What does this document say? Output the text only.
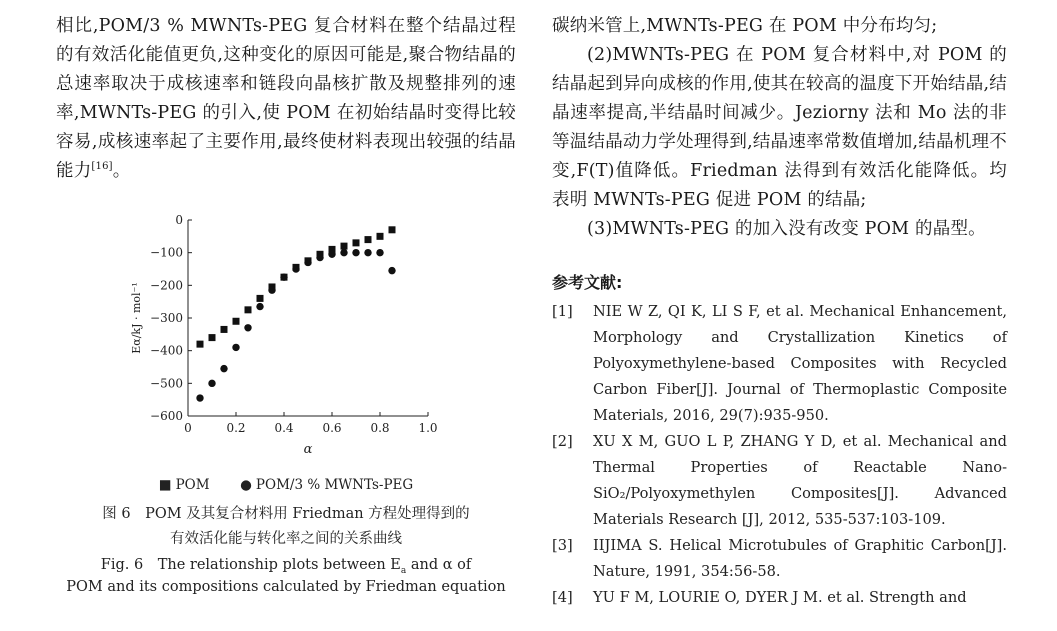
相比,POM/3 % MWNTs-PEG 复合材料在整个结晶过程的有效活化能值更负,这种变化的原因可能是,聚合物结晶的总速率取决于成核速率和链段向晶核扩散及规整排列的速率,MWNTs-PEG 的引入,使 POM 在初始结晶时变得比较容易,成核速率起了主要作用,最终使材料表现出较强的结晶能力[16]。

0	0.2 0.4 0.6 0.8 1.0
0
−100
−200
−300
−400
−500
−600
α
Eα/kJ · mol⁻¹
■ POM ● POM/3 % MWNTs-PEG
图 6　POM 及其复合材料用 Friedman 方程处理得到的
有效活化能与转化率之间的关系曲线
Fig. 6　The relationship plots between $E_a$ and α of
POM and its compositions calculated by Friedman equation

碳纳米管上,MWNTs-PEG 在 POM 中分布均匀;

(2)MWNTs-PEG 在 POM 复合材料中,对 POM 的结晶起到异向成核的作用,使其在较高的温度下开始结晶,结晶速率提高,半结晶时间减少。Jeziorny 法和 Mo 法的非等温结晶动力学处理得到,结晶速率常数值增加,结晶机理不变,F(T)值降低。Friedman 法得到有效活化能降低。均表明 MWNTs-PEG 促进 POM 的结晶;

(3)MWNTs-PEG 的加入没有改变 POM 的晶型。

参考文献:

[1] NIE W Z, QI K, LI S F, et al. Mechanical Enhancement, Morphology and Crystallization Kinetics of Polyoxymethylene-based Composites with Recycled Carbon Fiber[J]. Journal of Thermoplastic Composite Materials, 2016, 29(7):935-950.

[2] XU X M, GUO L P, ZHANG Y D, et al. Mechanical and Thermal Properties of Reactable Nano-SiO₂/Polyoxymethylen Composites[J]. Advanced Materials Research [J], 2012, 535-537:103-109.

[3] IIJIMA S. Helical Microtubules of Graphitic Carbon[J]. Nature, 1991, 354:56-58.

[4] YU F M, LOURIE O, DYER J M. et al. Strength and
